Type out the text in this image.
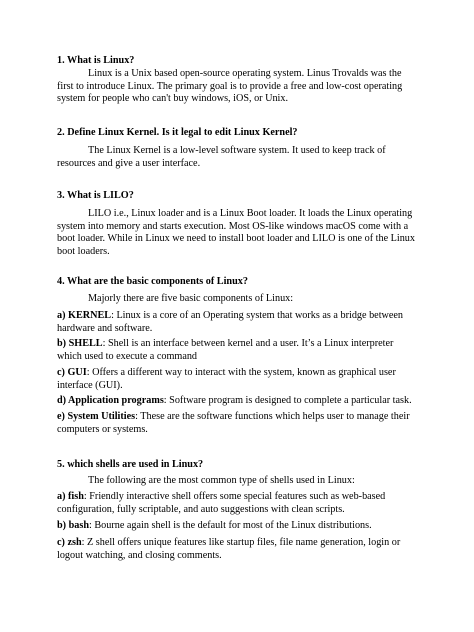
1. What is Linux?
Linux is a Unix based open-source operating system. Linus Trovalds was the first to introduce Linux. The primary goal is to provide a free and low-cost operating system for people who can't buy windows, iOS, or Unix.
2. Define Linux Kernel. Is it legal to edit Linux Kernel?
The Linux Kernel is a low-level software system. It used to keep track of resources and give a user interface.
3. What is LILO?
LILO i.e., Linux loader and is a Linux Boot loader. It loads the Linux operating system into memory and starts execution. Most OS-like windows macOS come with a boot loader. While in Linux we need to install boot loader and LILO is one of the Linux boot loaders.
4. What are the basic components of Linux?
Majorly there are five basic components of Linux:
a) KERNEL: Linux is a core of an Operating system that works as a bridge between hardware and software.
b) SHELL: Shell is an interface between kernel and a user. It’s a Linux interpreter which used to execute a command
c) GUI: Offers a different way to interact with the system, known as graphical user interface (GUI).
d) Application programs: Software program is designed to complete a particular task.
e) System Utilities: These are the software functions which helps user to manage their computers or systems.
5. which shells are used in Linux?
The following are the most common type of shells used in Linux:
a) fish: Friendly interactive shell offers some special features such as web-based configuration, fully scriptable, and auto suggestions with clean scripts.
b) bash: Bourne again shell is the default for most of the Linux distributions.
c) zsh: Z shell offers unique features like startup files, file name generation, login or logout watching, and closing comments.
